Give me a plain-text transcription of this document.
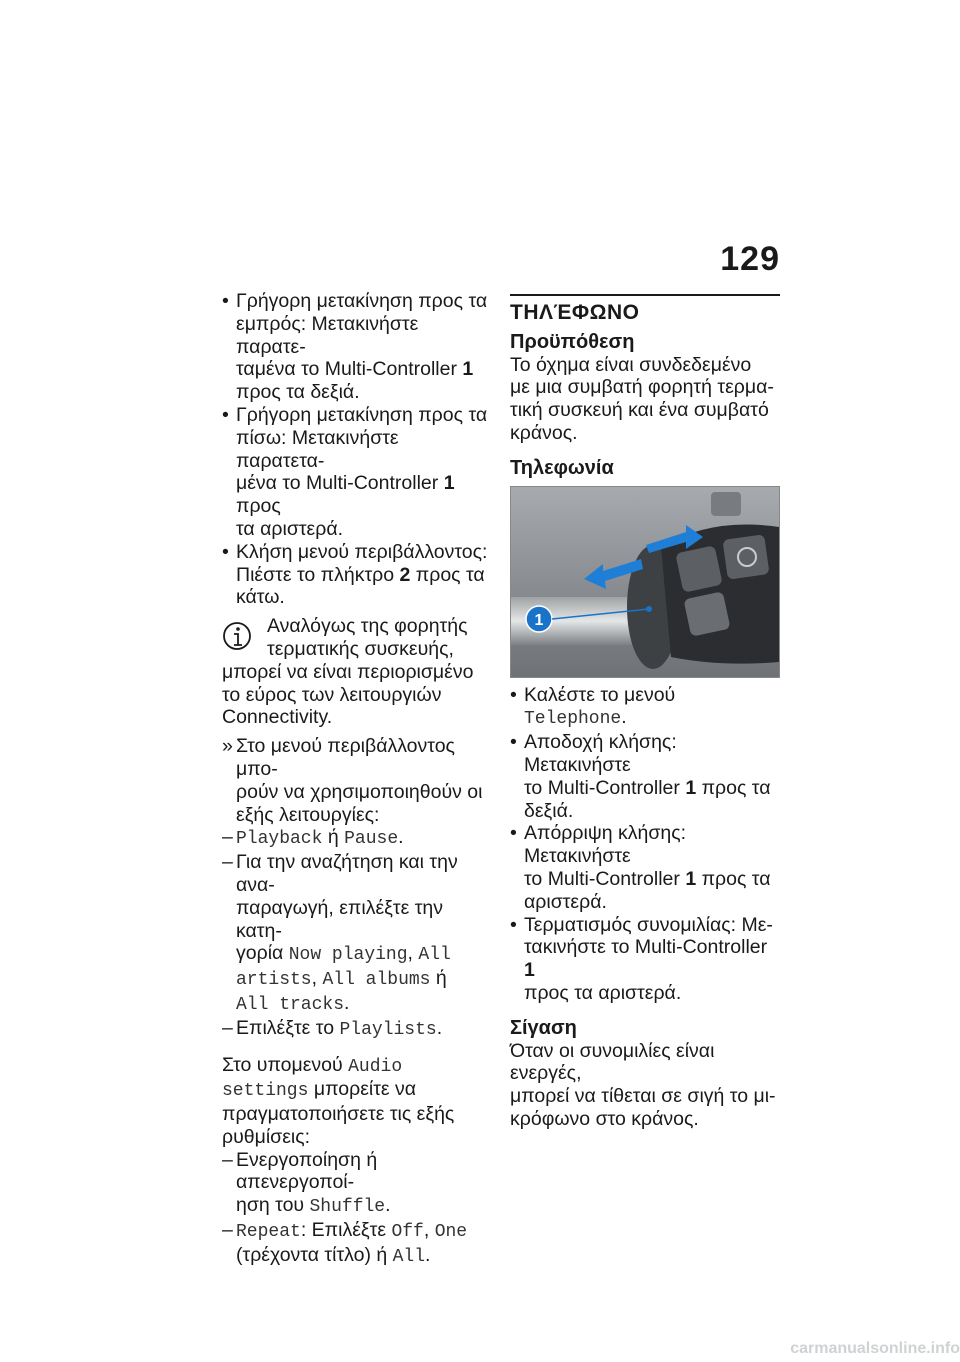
129
• Γρήγορη μετακίνηση προς τα
εμπρός: Μετακινήστε παρατε-
ταμένα το Multi-Controller 1
προς τα δεξιά.
• Γρήγορη μετακίνηση προς τα
πίσω: Μετακινήστε παρατετα-
μένα το Multi-Controller 1 προς
τα αριστερά.
• Κλήση μενού περιβάλλοντος:
Πιέστε το πλήκτρο 2 προς τα
κάτω.
Αναλόγως της φορητής
τερματικής συσκευής,
μπορεί να είναι περιορισμένο
το εύρος των λειτουργιών
Connectivity.
» Στο μενού περιβάλλοντος μπο-
ρούν να χρησιμοποιηθούν οι
εξής λειτουργίες:
– Playback ή Pause.
– Για την αναζήτηση και την ανα-
παραγωγή, επιλέξτε την κατη-
γορία Now playing, All
artists, All albums ή
All tracks.
– Επιλέξτε το Playlists.
Στο υπομενού Audio
settings μπορείτε να
πραγματοποιήσετε τις εξής
ρυθμίσεις:
– Ενεργοποίηση ή απενεργοποί-
ηση του Shuffle.
– Repeat: Επιλέξτε Off, One
(τρέχοντα τίτλο) ή All.
ΤΗΛΈΦΩΝΟ
Προϋπόθεση
Το όχημα είναι συνδεδεμένο
με μια συμβατή φορητή τερμα-
τική συσκευή και ένα συμβατό
κράνος.
Τηλεφωνία
1
• Καλέστε το μενού
Telephone.
• Αποδοχή κλήσης: Μετακινήστε
το Multi-Controller 1 προς τα
δεξιά.
• Απόρριψη κλήσης: Μετακινήστε
το Multi-Controller 1 προς τα
αριστερά.
• Τερματισμός συνομιλίας: Με-
τακινήστε το Multi-Controller 1
προς τα αριστερά.
Σίγαση
Όταν οι συνομιλίες είναι ενεργές,
μπορεί να τίθεται σε σιγή το μι-
κρόφωνο στο κράνος.
carmanualsonline.info
